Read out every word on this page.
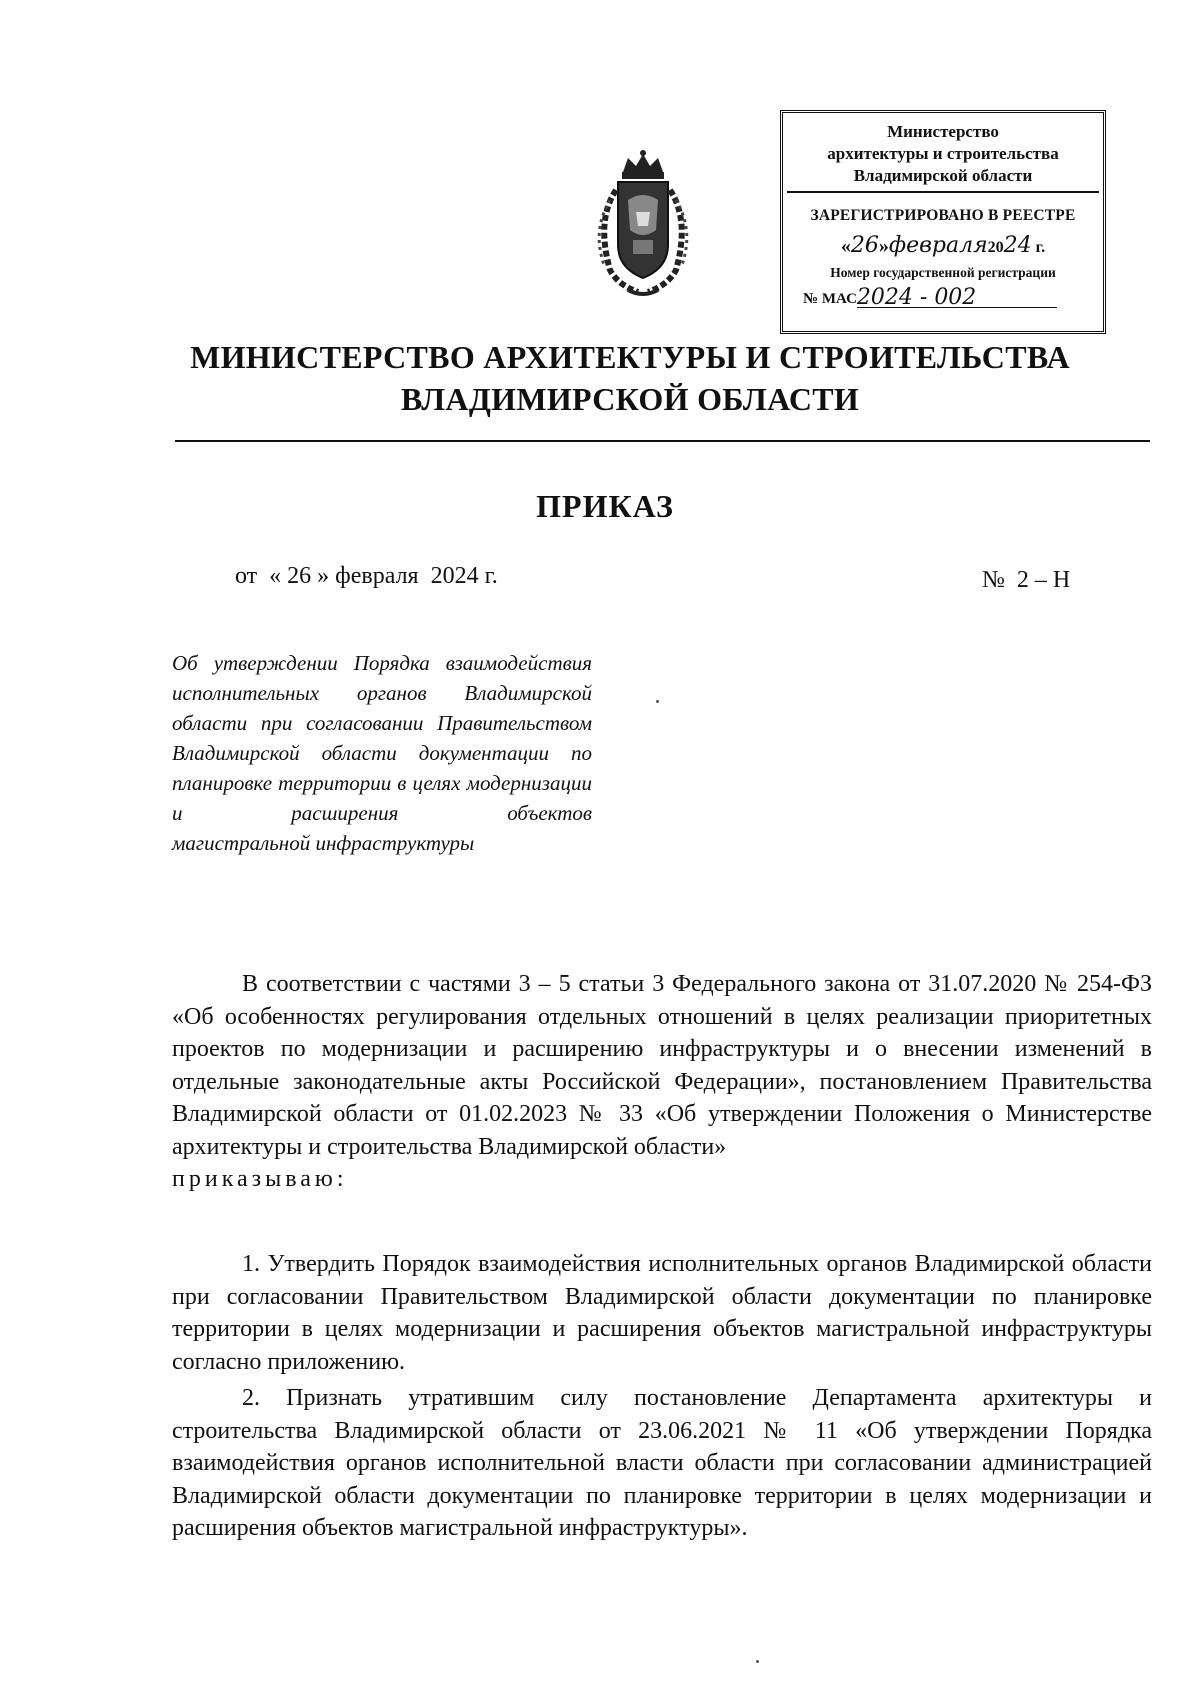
Министерство
архитектуры и строительства
Владимирской области
ЗАРЕГИСТРИРОВАНО В РЕЕСТРЕ
«26»февраля2024 г.
Номер государственной регистрации
№ МАС2024 - 002
МИНИСТЕРСТВО АРХИТЕКТУРЫ И СТРОИТЕЛЬСТВА
ВЛАДИМИРСКОЙ ОБЛАСТИ
ПРИКАЗ
от  « 26 » февраля  2024 г.	№  2 – Н
Об утверждении Порядка взаимодействия исполнительных органов Владимирской области при согласовании Правительством Владимирской области документации по планировке территории в целях модернизации и расширения объектов
магистральной инфраструктуры
В соответствии с частями 3 – 5 статьи 3 Федерального закона от 31.07.2020 № 254-ФЗ «Об особенностях регулирования отдельных отношений в целях реализации приоритетных проектов по модернизации и расширению инфраструктуры и о внесении изменений в отдельные законодательные акты Российской Федерации», постановлением Правительства Владимирской области от 01.02.2023 № 33 «Об утверждении Положения о Министерстве архитектуры и строительства Владимирской области»
приказываю:
1. Утвердить Порядок взаимодействия исполнительных органов Владимирской области при согласовании Правительством Владимирской области документации по планировке территории в целях модернизации и расширения объектов магистральной инфраструктуры согласно приложению.
2. Признать утратившим силу постановление Департамента архитектуры и строительства Владимирской области от 23.06.2021 № 11 «Об утверждении Порядка взаимодействия органов исполнительной власти области при согласовании администрацией Владимирской области документации по планировке территории в целях модернизации и расширения объектов магистральной инфраструктуры».
